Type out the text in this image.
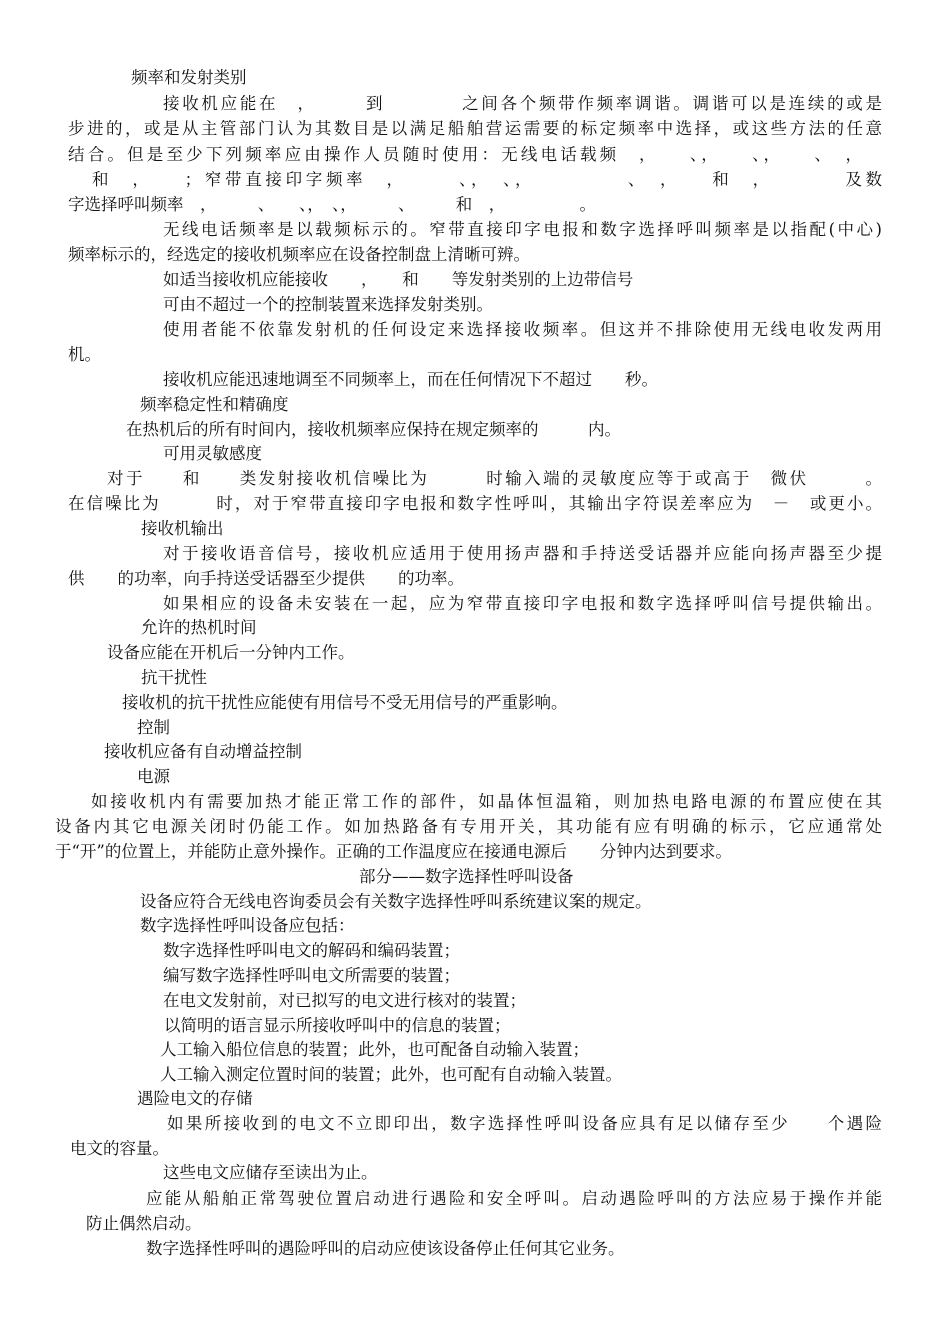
频率和发射类别

接收机应能在　，　　　到　　　　之间各个频带作频率调谐。调谐可以是连续的或是

步进的，或是从主管部门认为其数目是以满足船舶营运需要的标定频率中选择，或这些方法的任意

结合。但是至少下列频率应由操作人员随时使用：无线电话载频　，　　、，　　、，　　、　，

和　，　　；窄带直接印字频率　，　　　、，　、，　　　　　、　，　　和　，　　　　及数

字选择呼叫频率　，　　　、　　、，　、，　　　、　　　和　，　　　　　。

无线电话频率是以载频标示的。窄带直接印字电报和数字选择呼叫频率是以指配(中心)

频率标示的，经选定的接收机频率应在设备控制盘上清晰可辨。

如适当接收机应能接收　　，　　和　　等发射类别的上边带信号

可由不超过一个的控制装置来选择发射类别。

使用者能不依靠发射机的任何设定来选择接收频率。但这并不排除使用无线电收发两用

机。

接收机应能迅速地调至不同频率上，而在任何情况下不超过　　秒。

频率稳定性和精确度

在热机后的所有时间内，接收机频率应保持在规定频率的　　　内。

可用灵敏感度

对于　　和　　类发射接收机信噪比为　　　时输入端的灵敏度应等于或高于　微伏　　　。

在信噪比为　　　时，对于窄带直接印字电报和数字性呼叫，其输出字符误差率应为　－　或更小。

接收机输出

对于接收语音信号，接收机应适用于使用扬声器和手持送受话器并应能向扬声器至少提

供　　的功率，向手持送受话器至少提供　　的功率。

如果相应的设备未安装在一起，应为窄带直接印字电报和数字选择呼叫信号提供输出。

允许的热机时间

设备应能在开机后一分钟内工作。

抗干扰性

接收机的抗干扰性应能使有用信号不受无用信号的严重影响。

控制

接收机应备有自动增益控制

电源

如接收机内有需要加热才能正常工作的部件，如晶体恒温箱，则加热电路电源的布置应使在其

设备内其它电源关闭时仍能工作。如加热路备有专用开关，其功能有应有明确的标示，它应通常处

于“开”的位置上，并能防止意外操作。正确的工作温度应在接通电源后　　分钟内达到要求。

部分——数字选择性呼叫设备

设备应符合无线电咨询委员会有关数字选择性呼叫系统建议案的规定。

数字选择性呼叫设备应包括：

数字选择性呼叫电文的解码和编码装置；

编写数字选择性呼叫电文所需要的装置；

在电文发射前，对已拟写的电文进行核对的装置；

以简明的语言显示所接收呼叫中的信息的装置；

人工输入船位信息的装置；此外，也可配备自动输入装置；

人工输入测定位置时间的装置；此外，也可配有自动输入装置。

遇险电文的存储

如果所接收到的电文不立即印出，数字选择性呼叫设备应具有足以储存至少　　个遇险

电文的容量。

这些电文应储存至读出为止。

应能从船舶正常驾驶位置启动进行遇险和安全呼叫。启动遇险呼叫的方法应易于操作并能

防止偶然启动。

数字选择性呼叫的遇险呼叫的启动应使该设备停止任何其它业务。
